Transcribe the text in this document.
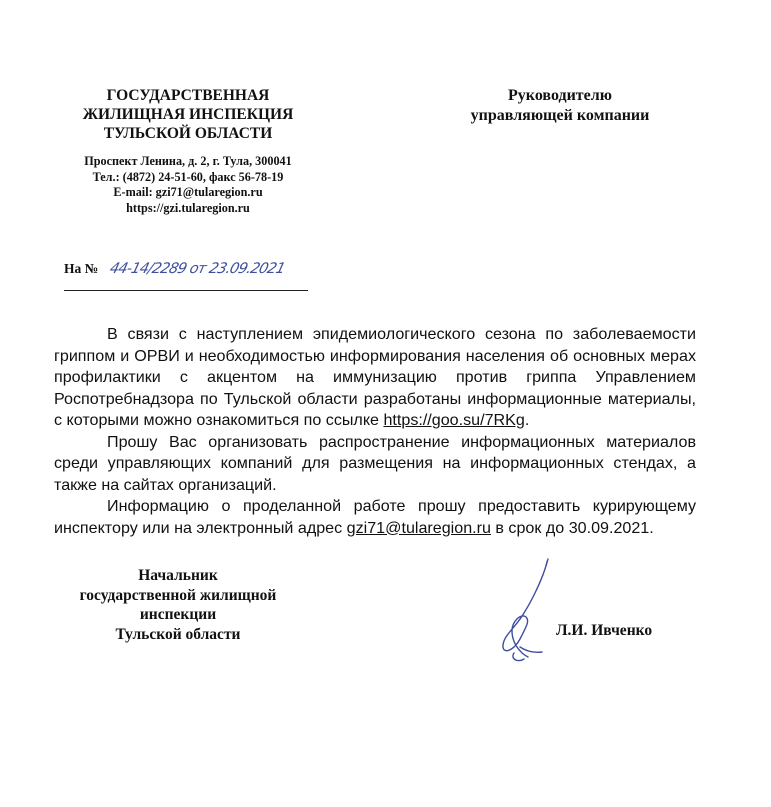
ГОСУДАРСТВЕННАЯ
ЖИЛИЩНАЯ ИНСПЕКЦИЯ
ТУЛЬСКОЙ ОБЛАСТИ
Проспект Ленина, д. 2, г. Тула, 300041
Тел.: (4872) 24-51-60, факс 56-78-19
E-mail: gzi71@tularegion.ru
https://gzi.tularegion.ru
Руководителю
управляющей компании
На № 44-14/2289 от 23.09.2021

В связи с наступлением эпидемиологического сезона по заболеваемости гриппом и ОРВИ и необходимостью информирования населения об основных мерах профилактики с акцентом на иммунизацию против гриппа Управлением Роспотребнадзора по Тульской области разработаны информационные материалы, с которыми можно ознакомиться по ссылке https://goo.su/7RKg.

Прошу Вас организовать распространение информационных материалов среди управляющих компаний для размещения на информационных стендах, а также на сайтах организаций.

Информацию о проделанной работе прошу предоставить курирующему инспектору или на электронный адрес gzi71@tularegion.ru в срок до 30.09.2021.

Начальник
государственной жилищной
инспекции
Тульской области	Л.И. Ивченко
